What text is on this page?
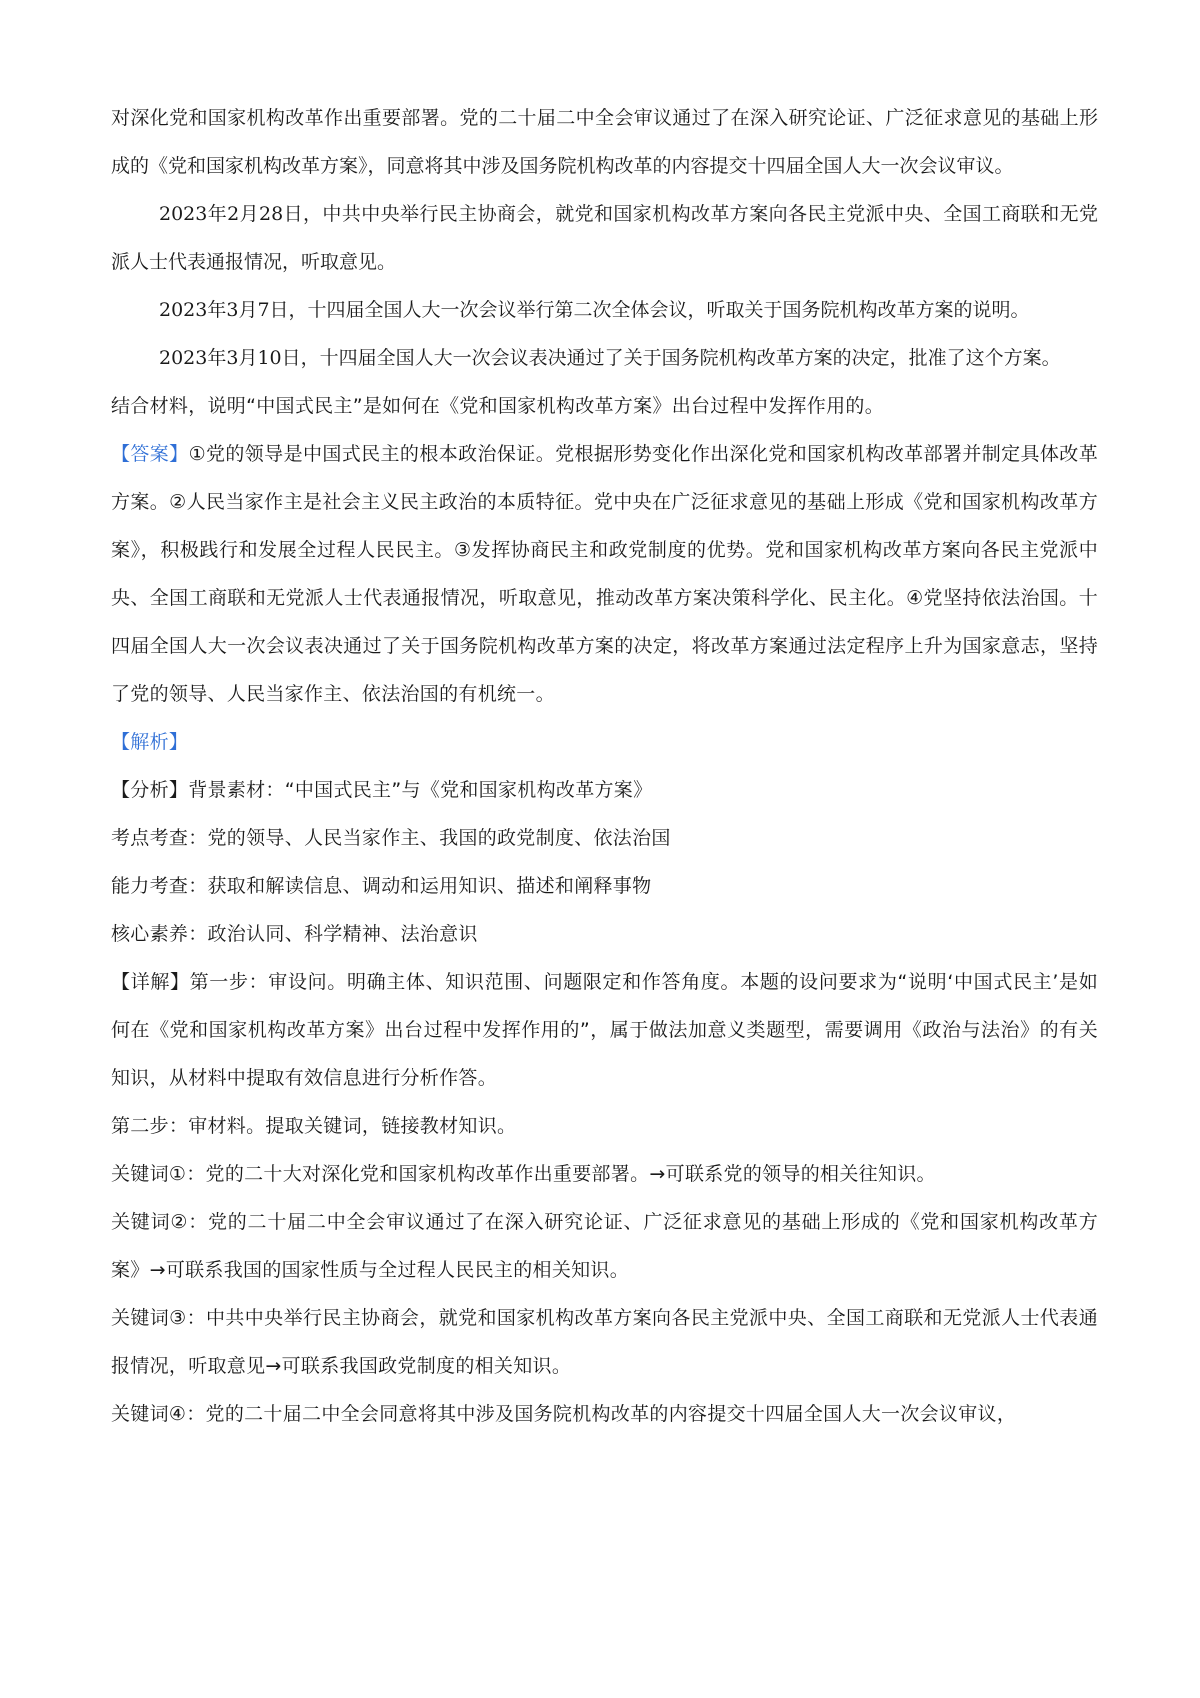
对深化党和国家机构改革作出重要部署。党的二十届二中全会审议通过了在深入研究论证、广泛征求意见的基础上形成的《党和国家机构改革方案》，同意将其中涉及国务院机构改革的内容提交十四届全国人大一次会议审议。

2023年2月28日，中共中央举行民主协商会，就党和国家机构改革方案向各民主党派中央、全国工商联和无党派人士代表通报情况，听取意见。

2023年3月7日，十四届全国人大一次会议举行第二次全体会议，听取关于国务院机构改革方案的说明。

2023年3月10日，十四届全国人大一次会议表决通过了关于国务院机构改革方案的决定，批准了这个方案。

结合材料，说明“中国式民主”是如何在《党和国家机构改革方案》出台过程中发挥作用的。

【答案】①党的领导是中国式民主的根本政治保证。党根据形势变化作出深化党和国家机构改革部署并制定具体改革方案。②人民当家作主是社会主义民主政治的本质特征。党中央在广泛征求意见的基础上形成《党和国家机构改革方案》，积极践行和发展全过程人民民主。③发挥协商民主和政党制度的优势。党和国家机构改革方案向各民主党派中央、全国工商联和无党派人士代表通报情况，听取意见，推动改革方案决策科学化、民主化。④党坚持依法治国。十四届全国人大一次会议表决通过了关于国务院机构改革方案的决定，将改革方案通过法定程序上升为国家意志，坚持了党的领导、人民当家作主、依法治国的有机统一。

【解析】

【分析】背景素材：“中国式民主”与《党和国家机构改革方案》

考点考查：党的领导、人民当家作主、我国的政党制度、依法治国

能力考查：获取和解读信息、调动和运用知识、描述和阐释事物

核心素养：政治认同、科学精神、法治意识

【详解】第一步：审设问。明确主体、知识范围、问题限定和作答角度。本题的设问要求为“说明‘中国式民主’是如何在《党和国家机构改革方案》出台过程中发挥作用的”，属于做法加意义类题型，需要调用《政治与法治》的有关知识，从材料中提取有效信息进行分析作答。

第二步：审材料。提取关键词，链接教材知识。

关键词①：党的二十大对深化党和国家机构改革作出重要部署。→可联系党的领导的相关往知识。

关键词②：党的二十届二中全会审议通过了在深入研究论证、广泛征求意见的基础上形成的《党和国家机构改革方案》→可联系我国的国家性质与全过程人民民主的相关知识。

关键词③：中共中央举行民主协商会，就党和国家机构改革方案向各民主党派中央、全国工商联和无党派人士代表通报情况，听取意见→可联系我国政党制度的相关知识。

关键词④：党的二十届二中全会同意将其中涉及国务院机构改革的内容提交十四届全国人大一次会议审议，
